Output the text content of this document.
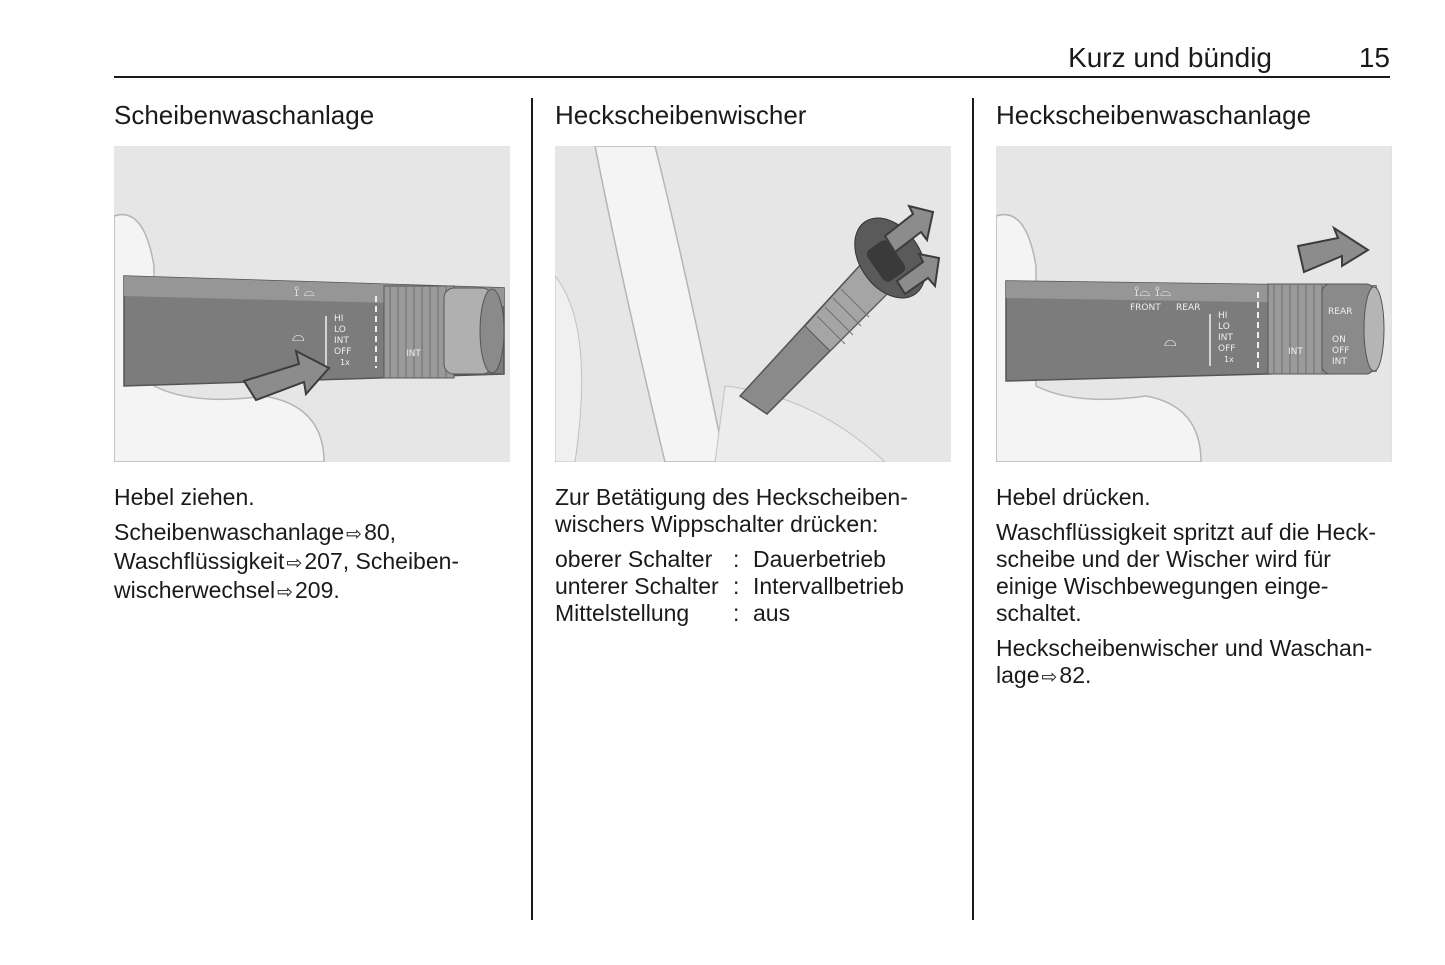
Kurz und bündig	15
Scheibenwaschanlage
⟟ ⌓
⌓
HI
LO
INT
OFF
1x
INT

Hebel ziehen.

Scheibenwaschanlage ⇨80,
Waschflüssigkeit ⇨207, Scheiben-
wischerwechsel ⇨209.

Heckscheibenwischer

Zur Betätigung des Heckscheiben-wischers Wippschalter drücken:

oberer Schalter	:	Dauerbetrieb
unterer Schalter	:	Intervallbetrieb
Mittelstellung	:	aus
Heckscheibenwaschanlage
⟟⌓ ⟟⌓
FRONT REAR
⌓
HI
LO
INT
OFF
1x
INT
REAR
ON
OFF
INT

Hebel drücken.

Waschflüssigkeit spritzt auf die Heck-scheibe und der Wischer wird für einige Wischbewegungen einge-schaltet.

Heckscheibenwischer und Waschan-lage ⇨82.
